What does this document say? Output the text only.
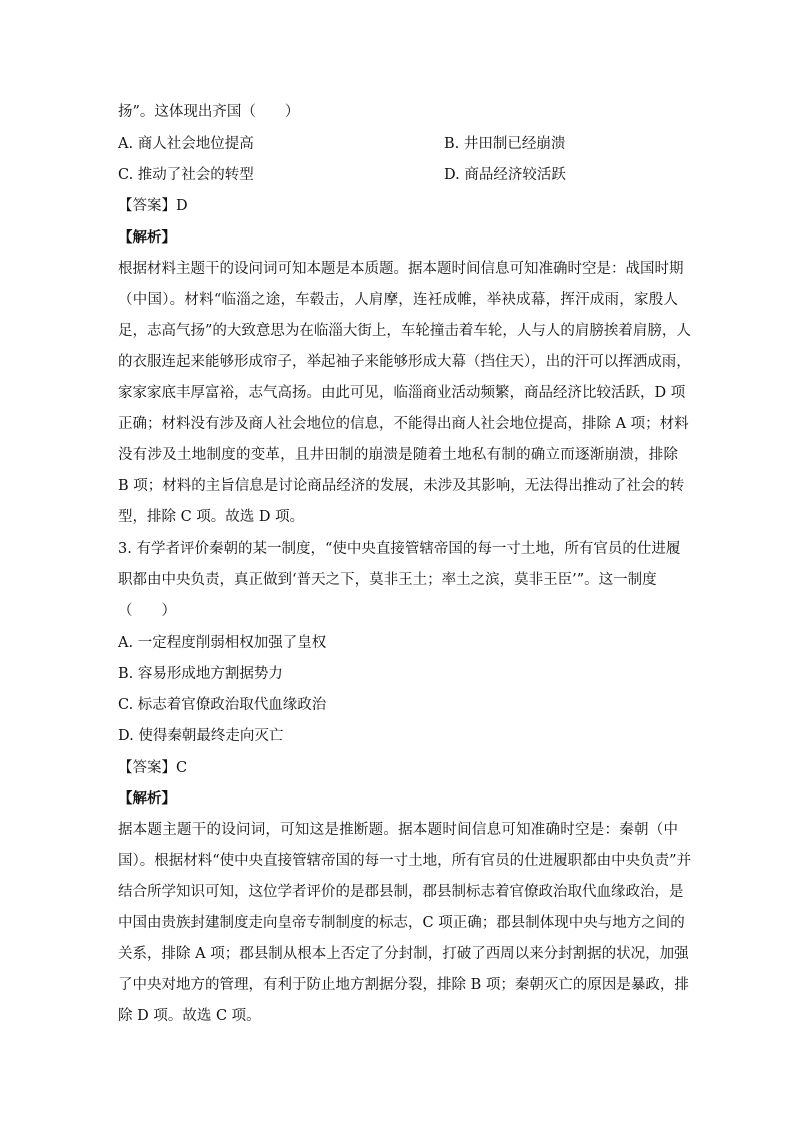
扬”。这体现出齐国（　　）
A. 商人社会地位提高	B. 井田制已经崩溃
C. 推动了社会的转型	D. 商品经济较活跃
【答案】D
【解析】
根据材料主题干的设问词可知本题是本质题。据本题时间信息可知准确时空是：战国时期
（中国）。材料“临淄之途，车毂击，人肩摩，连衽成帷，举袂成幕，挥汗成雨，家殷人
足，志高气扬”的大致意思为在临淄大街上，车轮撞击着车轮，人与人的肩膀挨着肩膀，人
的衣服连起来能够形成帘子，举起袖子来能够形成大幕（挡住天），出的汗可以挥洒成雨，
家家家底丰厚富裕，志气高扬。由此可见，临淄商业活动频繁，商品经济比较活跃，D 项
正确；材料没有涉及商人社会地位的信息，不能得出商人社会地位提高，排除 A 项；材料
没有涉及土地制度的变革，且井田制的崩溃是随着土地私有制的确立而逐渐崩溃，排除
B 项；材料的主旨信息是讨论商品经济的发展，未涉及其影响，无法得出推动了社会的转
型，排除 C 项。故选 D 项。
3. 有学者评价秦朝的某一制度，“使中央直接管辖帝国的每一寸土地，所有官员的仕进履
职都由中央负责，真正做到‘普天之下，莫非王土；率土之滨，莫非王臣’”。这一制度
（　　）
A. 一定程度削弱相权加强了皇权
B. 容易形成地方割据势力
C. 标志着官僚政治取代血缘政治
D. 使得秦朝最终走向灭亡
【答案】C
【解析】
据本题主题干的设问词，可知这是推断题。据本题时间信息可知准确时空是：秦朝（中
国）。根据材料“使中央直接管辖帝国的每一寸土地，所有官员的仕进履职都由中央负责”并
结合所学知识可知，这位学者评价的是郡县制，郡县制标志着官僚政治取代血缘政治，是
中国由贵族封建制度走向皇帝专制制度的标志，C 项正确；郡县制体现中央与地方之间的
关系，排除 A 项；郡县制从根本上否定了分封制，打破了西周以来分封割据的状况，加强
了中央对地方的管理，有利于防止地方割据分裂，排除 B 项；秦朝灭亡的原因是暴政，排
除 D 项。故选 C 项。
